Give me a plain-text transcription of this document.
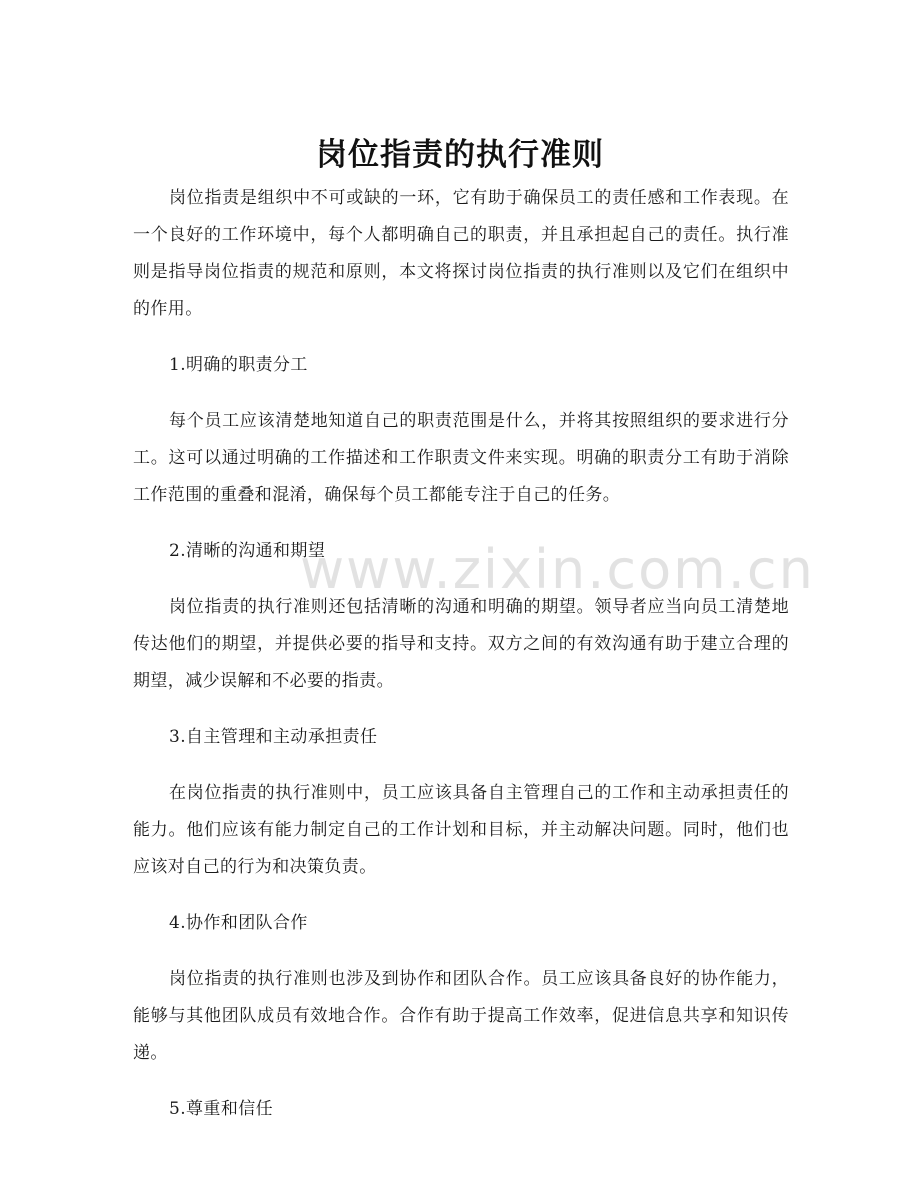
www.zixin.com.cn
岗位指责的执行准则

岗位指责是组织中不可或缺的一环，它有助于确保员工的责任感和工作表现。在一个良好的工作环境中，每个人都明确自己的职责，并且承担起自己的责任。执行准则是指导岗位指责的规范和原则，本文将探讨岗位指责的执行准则以及它们在组织中的作用。

1.明确的职责分工

每个员工应该清楚地知道自己的职责范围是什么，并将其按照组织的要求进行分工。这可以通过明确的工作描述和工作职责文件来实现。明确的职责分工有助于消除工作范围的重叠和混淆，确保每个员工都能专注于自己的任务。

2.清晰的沟通和期望

岗位指责的执行准则还包括清晰的沟通和明确的期望。领导者应当向员工清楚地传达他们的期望，并提供必要的指导和支持。双方之间的有效沟通有助于建立合理的期望，减少误解和不必要的指责。

3.自主管理和主动承担责任

在岗位指责的执行准则中，员工应该具备自主管理自己的工作和主动承担责任的能力。他们应该有能力制定自己的工作计划和目标，并主动解决问题。同时，他们也应该对自己的行为和决策负责。

4.协作和团队合作

岗位指责的执行准则也涉及到协作和团队合作。员工应该具备良好的协作能力，能够与其他团队成员有效地合作。合作有助于提高工作效率，促进信息共享和知识传递。

5.尊重和信任
